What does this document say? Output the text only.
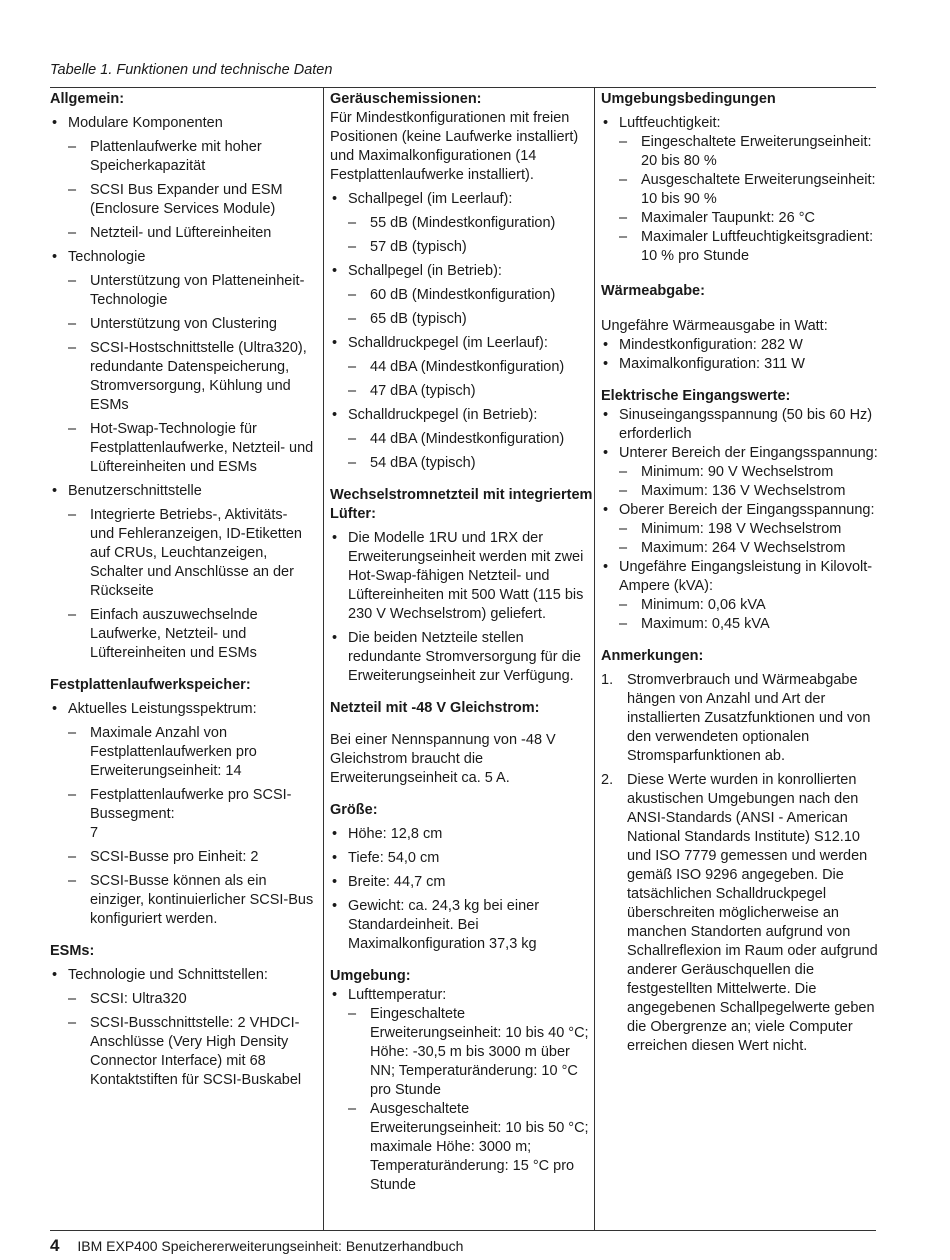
Tabelle 1. Funktionen und technische Daten
Allgemein:
• Modulare Komponenten
– Plattenlaufwerke mit hoher Speicherkapazität
– SCSI Bus Expander und ESM (Enclosure Services Module)
– Netzteil- und Lüftereinheiten
• Technologie
– Unterstützung von Platteneinheit-Technologie
– Unterstützung von Clustering
– SCSI-Hostschnittstelle (Ultra320), redundante Datenspeicherung, Stromversorgung, Kühlung und ESMs
– Hot-Swap-Technologie für Festplattenlaufwerke, Netzteil- und Lüftereinheiten und ESMs
• Benutzerschnittstelle
– Integrierte Betriebs-, Aktivitäts- und Fehleranzeigen, ID-Etiketten auf CRUs, Leuchtanzeigen, Schalter und Anschlüsse an der Rückseite
– Einfach auszuwechselnde Laufwerke, Netzteil- und Lüftereinheiten und ESMs
Festplattenlaufwerkspeicher:
• Aktuelles Leistungsspektrum:
– Maximale Anzahl von Festplattenlaufwerken pro Erweiterungseinheit: 14
– Festplattenlaufwerke pro SCSI-Bussegment:
7
– SCSI-Busse pro Einheit: 2
– SCSI-Busse können als ein einziger, kontinuierlicher SCSI-Bus konfiguriert werden.
ESMs:
• Technologie und Schnittstellen:
– SCSI: Ultra320
– SCSI-Busschnittstelle: 2 VHDCI-Anschlüsse (Very High Density Connector Interface) mit 68 Kontaktstiften für SCSI-Buskabel
Geräuschemissionen:

Für Mindestkonfigurationen mit freien Positionen (keine Laufwerke installiert) und Maximalkonfigurationen (14 Festplattenlaufwerke installiert).

• Schallpegel (im Leerlauf):
– 55 dB (Mindestkonfiguration)
– 57 dB (typisch)
• Schallpegel (in Betrieb):
– 60 dB (Mindestkonfiguration)
– 65 dB (typisch)
• Schalldruckpegel (im Leerlauf):
– 44 dBA (Mindestkonfiguration)
– 47 dBA (typisch)
• Schalldruckpegel (in Betrieb):
– 44 dBA (Mindestkonfiguration)
– 54 dBA (typisch)
Wechselstromnetzteil mit integriertem Lüfter:
• Die Modelle 1RU und 1RX der Erweiterungseinheit werden mit zwei Hot-Swap-fähigen Netzteil- und Lüftereinheiten mit 500 Watt (115 bis 230 V Wechselstrom) geliefert.
• Die beiden Netzteile stellen redundante Stromversorgung für die Erweiterungseinheit zur Verfügung.
Netzteil mit -48 V Gleichstrom:

Bei einer Nennspannung von -48 V Gleichstrom braucht die Erweiterungseinheit ca. 5 A.

Größe:
• Höhe: 12,8 cm
• Tiefe: 54,0 cm
• Breite: 44,7 cm
• Gewicht: ca. 24,3 kg bei einer Standardeinheit. Bei Maximalkonfiguration 37,3 kg
Umgebung:
• Lufttemperatur:
– Eingeschaltete Erweiterungseinheit: 10 bis 40 °C; Höhe: -30,5 m bis 3000 m über NN; Temperaturänderung: 10 °C pro Stunde
– Ausgeschaltete Erweiterungseinheit: 10 bis 50 °C; maximale Höhe: 3000 m; Temperaturänderung: 15 °C pro Stunde
Umgebungsbedingungen
• Luftfeuchtigkeit:
– Eingeschaltete Erweiterungseinheit: 20 bis 80 %
– Ausgeschaltete Erweiterungseinheit: 10 bis 90 %
– Maximaler Taupunkt: 26 °C
– Maximaler Luftfeuchtigkeitsgradient: 10 % pro Stunde
Wärmeabgabe:

Ungefähre Wärmeausgabe in Watt:

• Mindestkonfiguration: 282 W
• Maximalkonfiguration: 311 W
Elektrische Eingangswerte:
• Sinuseingangsspannung (50 bis 60 Hz) erforderlich
• Unterer Bereich der Eingangsspannung:
– Minimum: 90 V Wechselstrom
– Maximum: 136 V Wechselstrom
• Oberer Bereich der Eingangsspannung:
– Minimum: 198 V Wechselstrom
– Maximum: 264 V Wechselstrom
• Ungefähre Eingangsleistung in Kilovolt-Ampere (kVA):
– Minimum: 0,06 kVA
– Maximum: 0,45 kVA
Anmerkungen:
1. Stromverbrauch und Wärmeabgabe hängen von Anzahl und Art der installierten Zusatzfunktionen und von den verwendeten optionalen Stromsparfunktionen ab.
2. Diese Werte wurden in konrollierten akustischen Umgebungen nach den ANSI-Standards (ANSI - American National Standards Institute) S12.10 und ISO 7779 gemessen und werden gemäß ISO 9296 angegeben. Die tatsächlichen Schalldruckpegel überschreiten möglicherweise an manchen Standorten aufgrund von Schallreflexion im Raum oder aufgrund anderer Geräuschquellen die festgestellten Mittelwerte. Die angegebenen Schallpegelwerte geben die Obergrenze an; viele Computer erreichen diesen Wert nicht.
4 IBM EXP400 Speichererweiterungseinheit: Benutzerhandbuch
